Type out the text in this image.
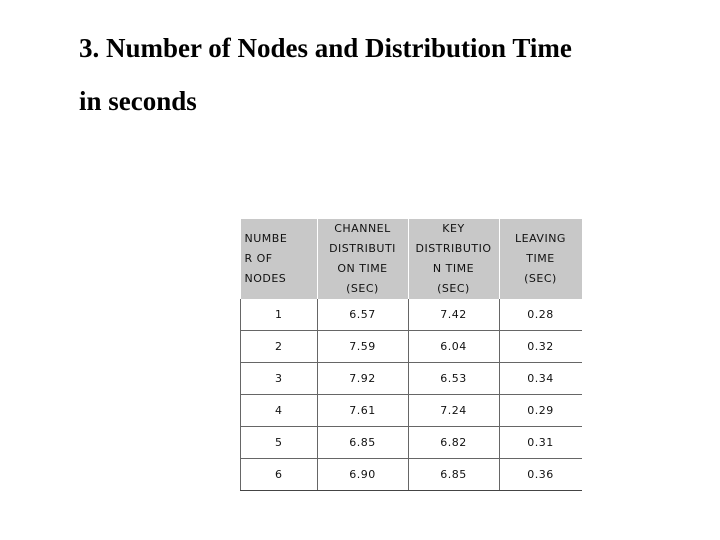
3. Number of Nodes and Distribution Time
in seconds
NUMBE
R OF
NODES	CHANNEL
DISTRIBUTI
ON TIME
(SEC)	KEY
DISTRIBUTIO
N TIME
(SEC)	LEAVING
TIME
(SEC)

1	6.57	7.42	0.28
2	7.59	6.04	0.32
3	7.92	6.53	0.34
4	7.61	7.24	0.29
5	6.85	6.82	0.31
6	6.90	6.85	0.36
